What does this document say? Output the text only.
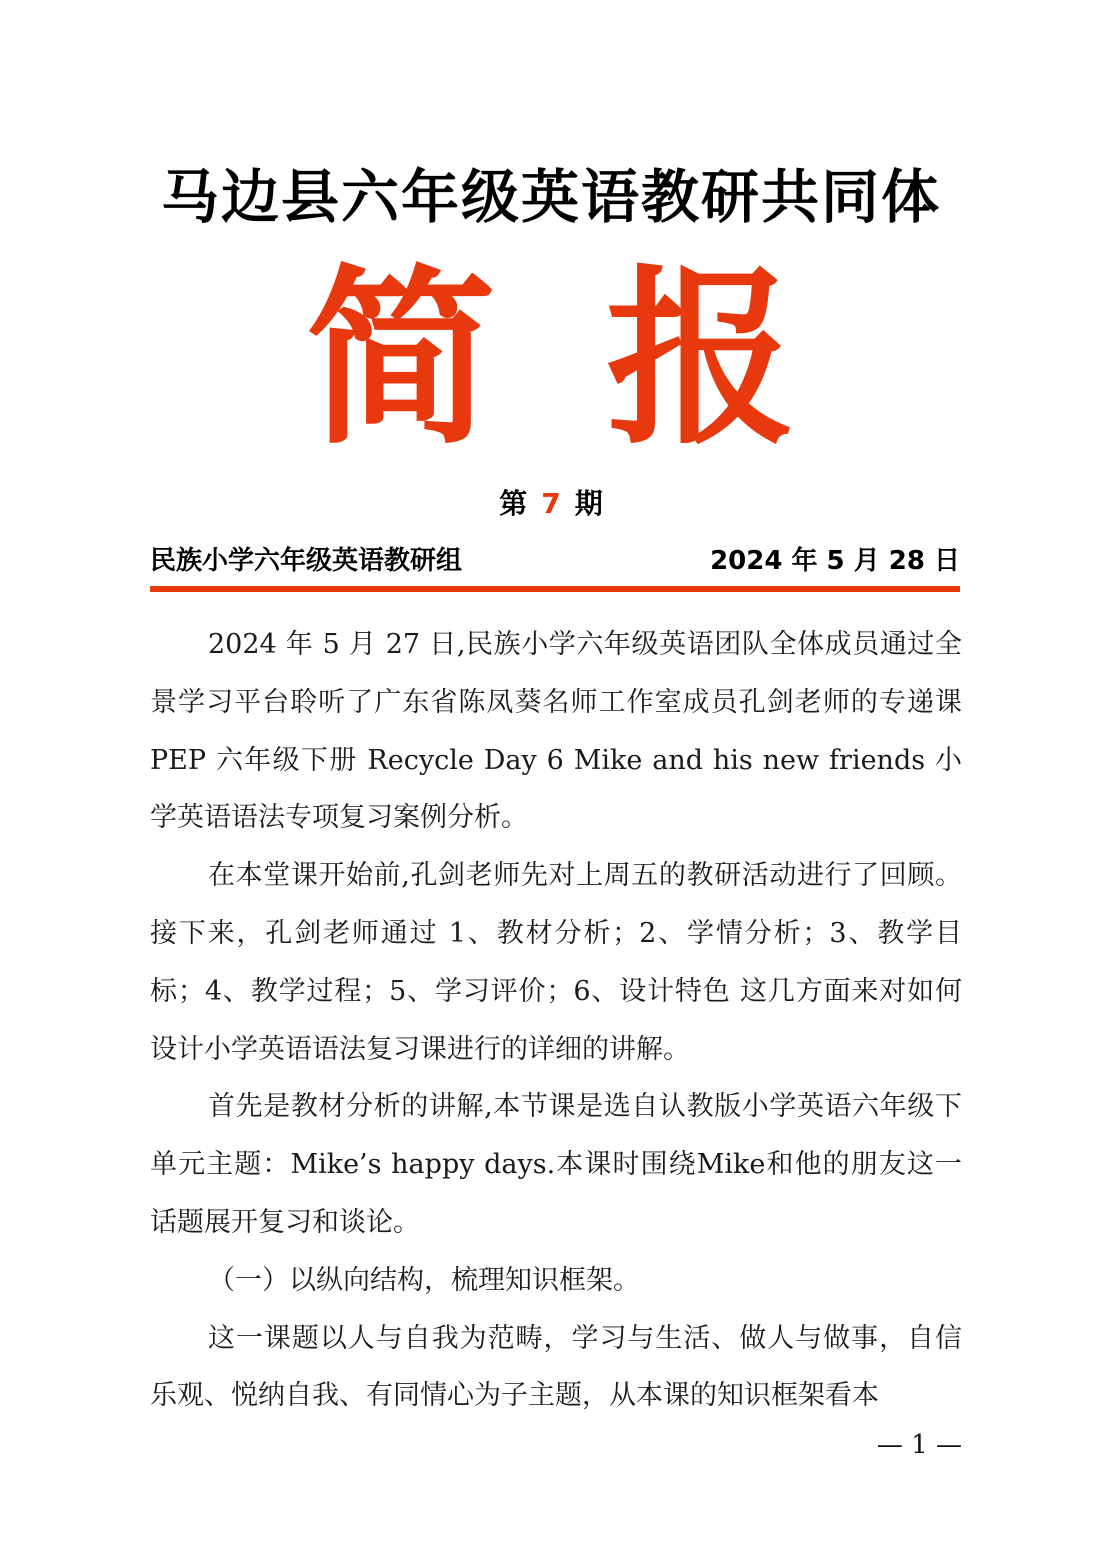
马边县六年级英语教研共同体
简报
第 7 期
民族小学六年级英语教研组	2024 年 5 月 28 日

2024 年 5 月 27 日,民族小学六年级英语团队全体成员通过全景学习平台聆听了广东省陈凤葵名师工作室成员孔剑老师的专递课 PEP 六年级下册 Recycle Day 6 Mike and his new friends 小学英语语法专项复习案例分析。

在本堂课开始前,孔剑老师先对上周五的教研活动进行了回顾。接下来，孔剑老师通过 1、教材分析；2、学情分析；3、教学目标；4、教学过程；5、学习评价；6、设计特色 这几方面来对如何设计小学英语语法复习课进行的详细的讲解。

首先是教材分析的讲解,本节课是选自认教版小学英语六年级下单元主题：Mike’s happy days.本课时围绕Mike和他的朋友这一话题展开复习和谈论。

（一）以纵向结构，梳理知识框架。

这一课题以人与自我为范畴，学习与生活、做人与做事，自信乐观、悦纳自我、有同情心为子主题，从本课的知识框架看本

— 1 —
